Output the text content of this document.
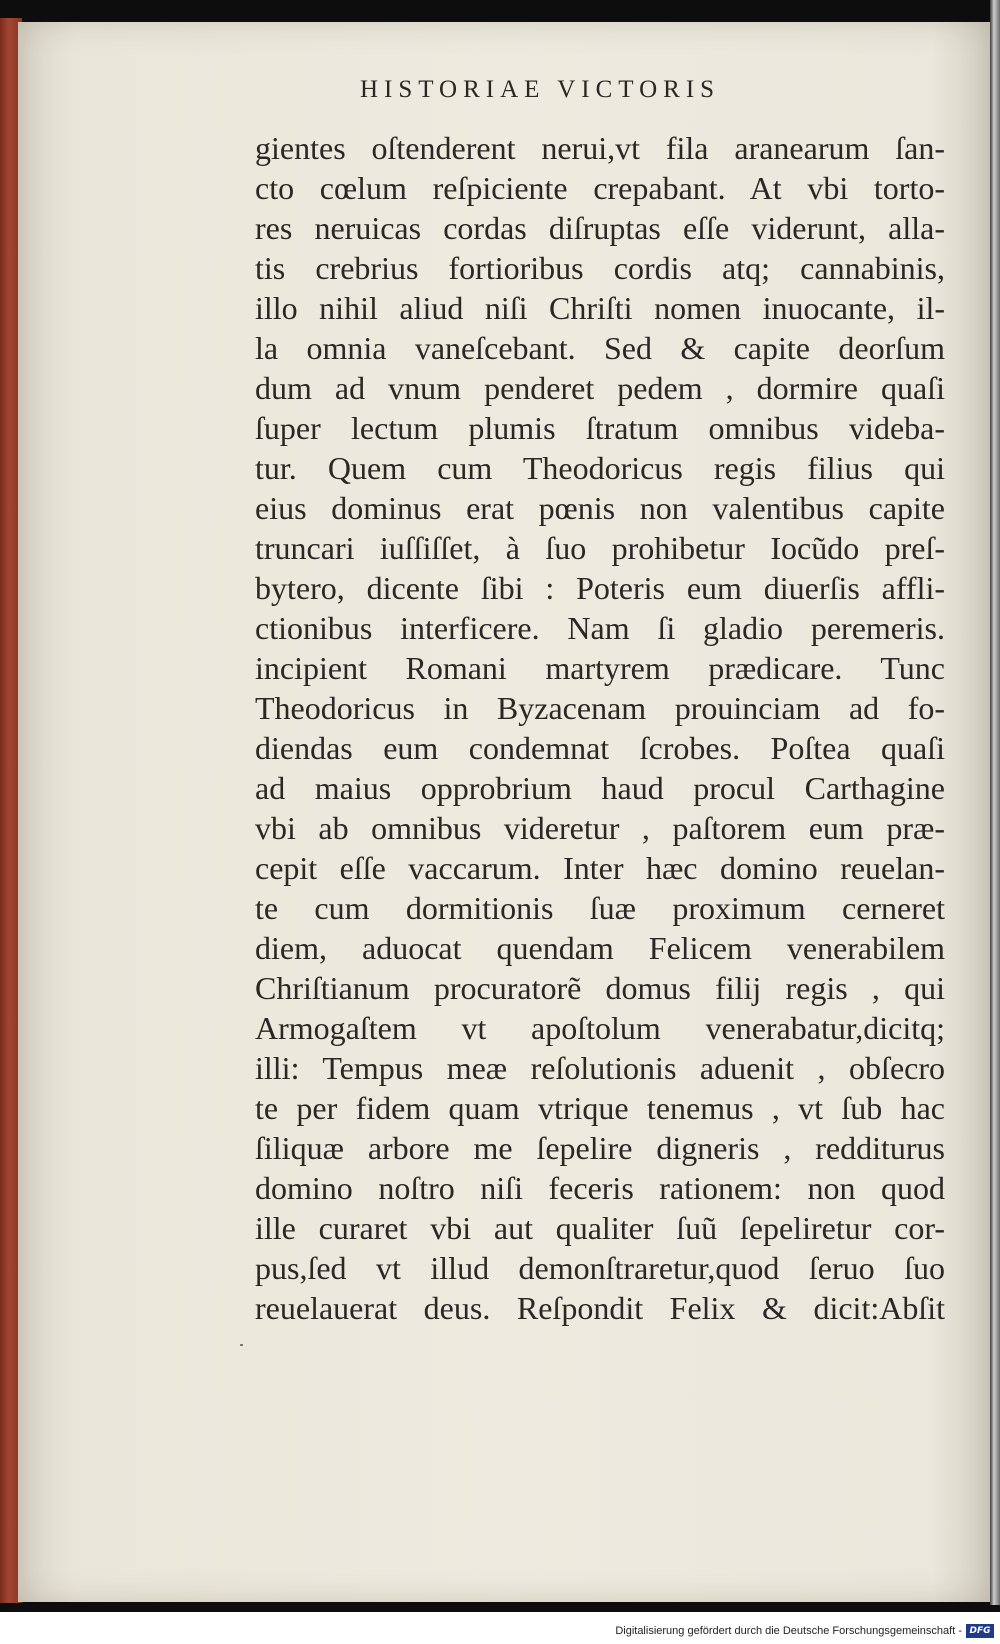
HISTORIAE VICTORIS
gientes oſtenderent nerui,vt fila aranearum ſan-
cto cœlum reſpiciente crepabant. At vbi torto-
res neruicas cordas diſruptas eſſe viderunt, alla-
tis crebrius fortioribus cordis atq; cannabinis,
illo nihil aliud niſi Chriſti nomen inuocante, il-
la omnia vaneſcebant. Sed & capite deorſum
dum ad vnum penderet pedem , dormire quaſi
ſuper lectum plumis ſtratum omnibus videba-
tur. Quem cum Theodoricus regis filius qui
eius dominus erat pœnis non valentibus capite
truncari iuſſiſſet, à ſuo prohibetur Iocũdo preſ-
bytero, dicente ſibi : Poteris eum diuerſis affli-
ctionibus interficere. Nam ſi gladio peremeris.
incipient Romani martyrem prædicare. Tunc
Theodoricus in Byzacenam prouinciam ad fo-
diendas eum condemnat ſcrobes. Poſtea quaſi
ad maius opprobrium haud procul Carthagine
vbi ab omnibus videretur , paſtorem eum præ-
cepit eſſe vaccarum. Inter hæc domino reuelan-
te cum dormitionis ſuæ proximum cerneret
diem, aduocat quendam Felicem venerabilem
Chriſtianum procuratorẽ domus filij regis , qui
Armogaſtem vt apoſtolum venerabatur,dicitq;
illi: Tempus meæ reſolutionis aduenit , obſecro
te per fidem quam vtrique tenemus , vt ſub hac
ſiliquæ arbore me ſepelire digneris , redditurus
domino noſtro niſi feceris rationem: non quod
ille curaret vbi aut qualiter ſuũ ſepeliretur cor-
pus,ſed vt illud demonſtraretur,quod ſeruo ſuo
reuelauerat deus. Reſpondit Felix & dicit:Abſit
Digitalisierung gefördert durch die Deutsche Forschungsgemeinschaft - DFG
